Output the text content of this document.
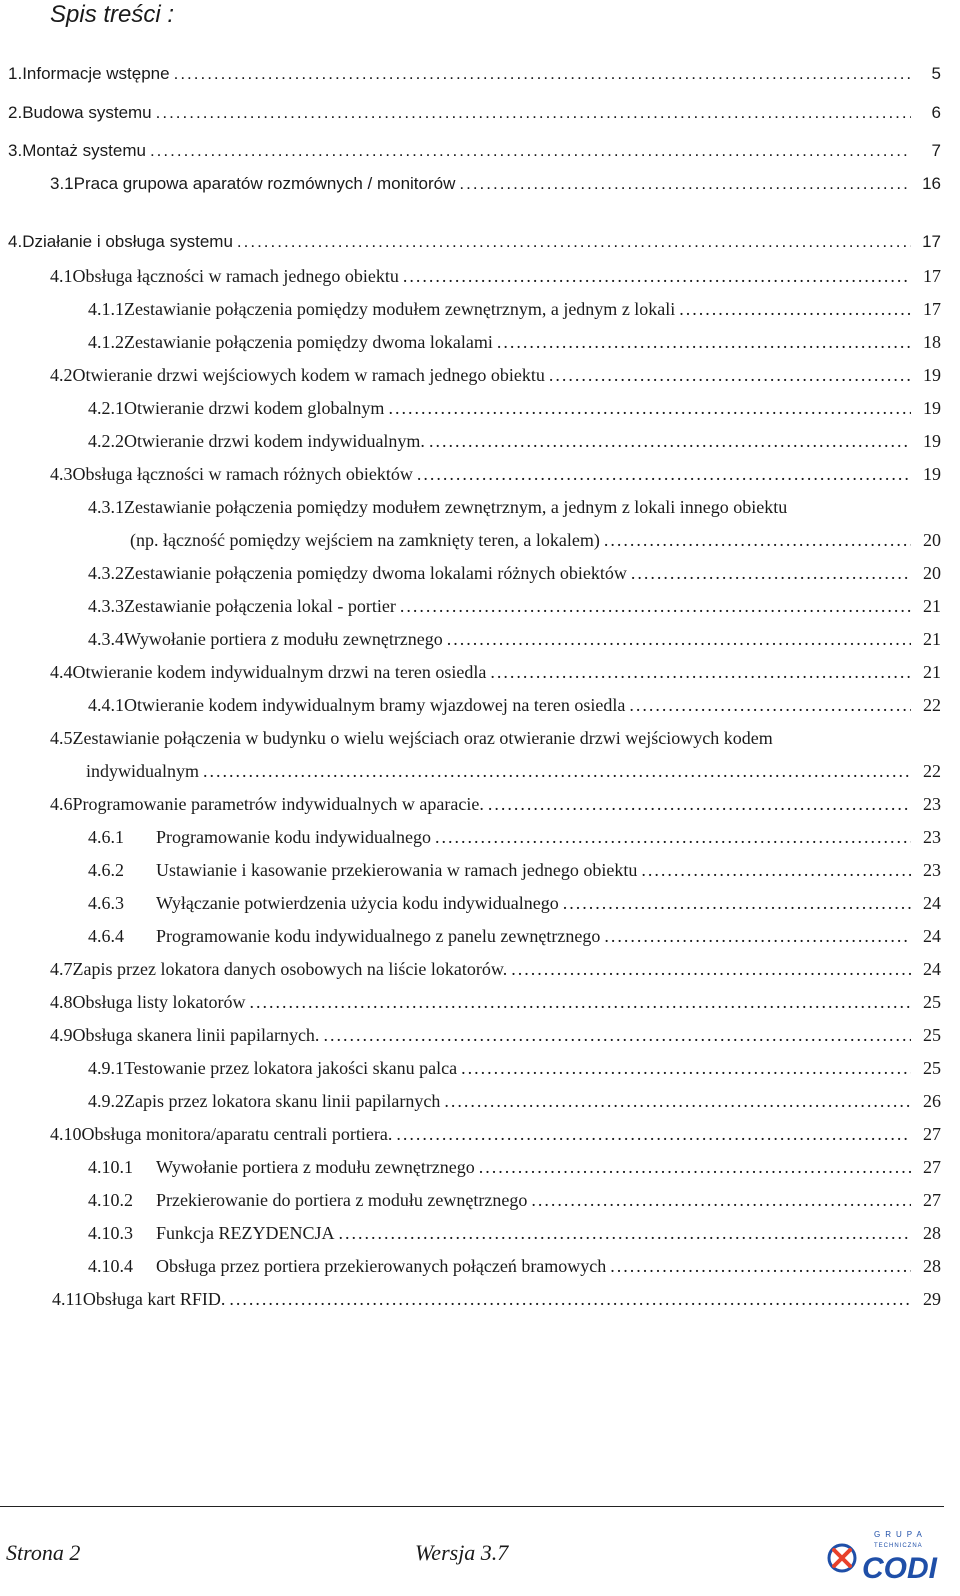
Spis treści :
1. Informacje wstępne .....	5
2. Budowa systemu .....	6
3. Montaż systemu .....	7
3.1 Praca grupowa aparatów rozmównych / monitorów .....	16
4. Działanie i obsługa systemu .....	17
4.1 Obsługa łączności w ramach jednego obiektu .....	17
4.1.1 Zestawianie połączenia pomiędzy modułem zewnętrznym, a jednym z lokali .....	17
4.1.2 Zestawianie połączenia pomiędzy dwoma lokalami .....	18
4.2 Otwieranie drzwi wejściowych kodem w ramach jednego obiektu .....	19
4.2.1 Otwieranie drzwi kodem globalnym .....	19
4.2.2 Otwieranie drzwi kodem indywidualnym. .....	19
4.3 Obsługa łączności w ramach różnych obiektów .....	19
4.3.1 Zestawianie połączenia pomiędzy modułem zewnętrznym, a jednym z lokali innego obiektu
(np. łączność pomiędzy wejściem na zamknięty teren, a lokalem) .....	20
4.3.2 Zestawianie połączenia pomiędzy dwoma lokalami różnych obiektów .....	20
4.3.3 Zestawianie połączenia lokal - portier .....	21
4.3.4 Wywołanie portiera z modułu zewnętrznego .....	21
4.4 Otwieranie kodem indywidualnym drzwi na teren osiedla .....	21
4.4.1 Otwieranie kodem indywidualnym bramy wjazdowej na teren osiedla .....	22
4.5 Zestawianie połączenia w budynku o wielu wejściach oraz otwieranie drzwi wejściowych kodem
indywidualnym .....	22
4.6 Programowanie parametrów indywidualnych w aparacie. .....	23
4.6.1	Programowanie kodu indywidualnego .....	23
4.6.2	Ustawianie i kasowanie przekierowania w ramach jednego obiektu .....	23
4.6.3	Wyłączanie potwierdzenia użycia kodu indywidualnego .....	24
4.6.4	Programowanie kodu indywidualnego z panelu zewnętrznego .....	24
4.7 Zapis przez lokatora danych osobowych na liście lokatorów. .....	24
4.8 Obsługa listy lokatorów .....	25
4.9 Obsługa skanera linii papilarnych. .....	25
4.9.1 Testowanie przez lokatora jakości skanu palca .....	25
4.9.2 Zapis przez lokatora skanu linii papilarnych .....	26
4.10 Obsługa monitora/aparatu centrali portiera. .....	27
4.10.1	Wywołanie portiera z modułu zewnętrznego .....	27
4.10.2	Przekierowanie do portiera z modułu zewnętrznego .....	27
4.10.3	Funkcja REZYDENCJA .....	28
4.10.4	Obsługa przez portiera przekierowanych połączeń bramowych .....	28
4.11 Obsługa kart RFID. .....	29
Strona 2	Wersja 3.7
GRUPA
TECHNICZNA
CODI
